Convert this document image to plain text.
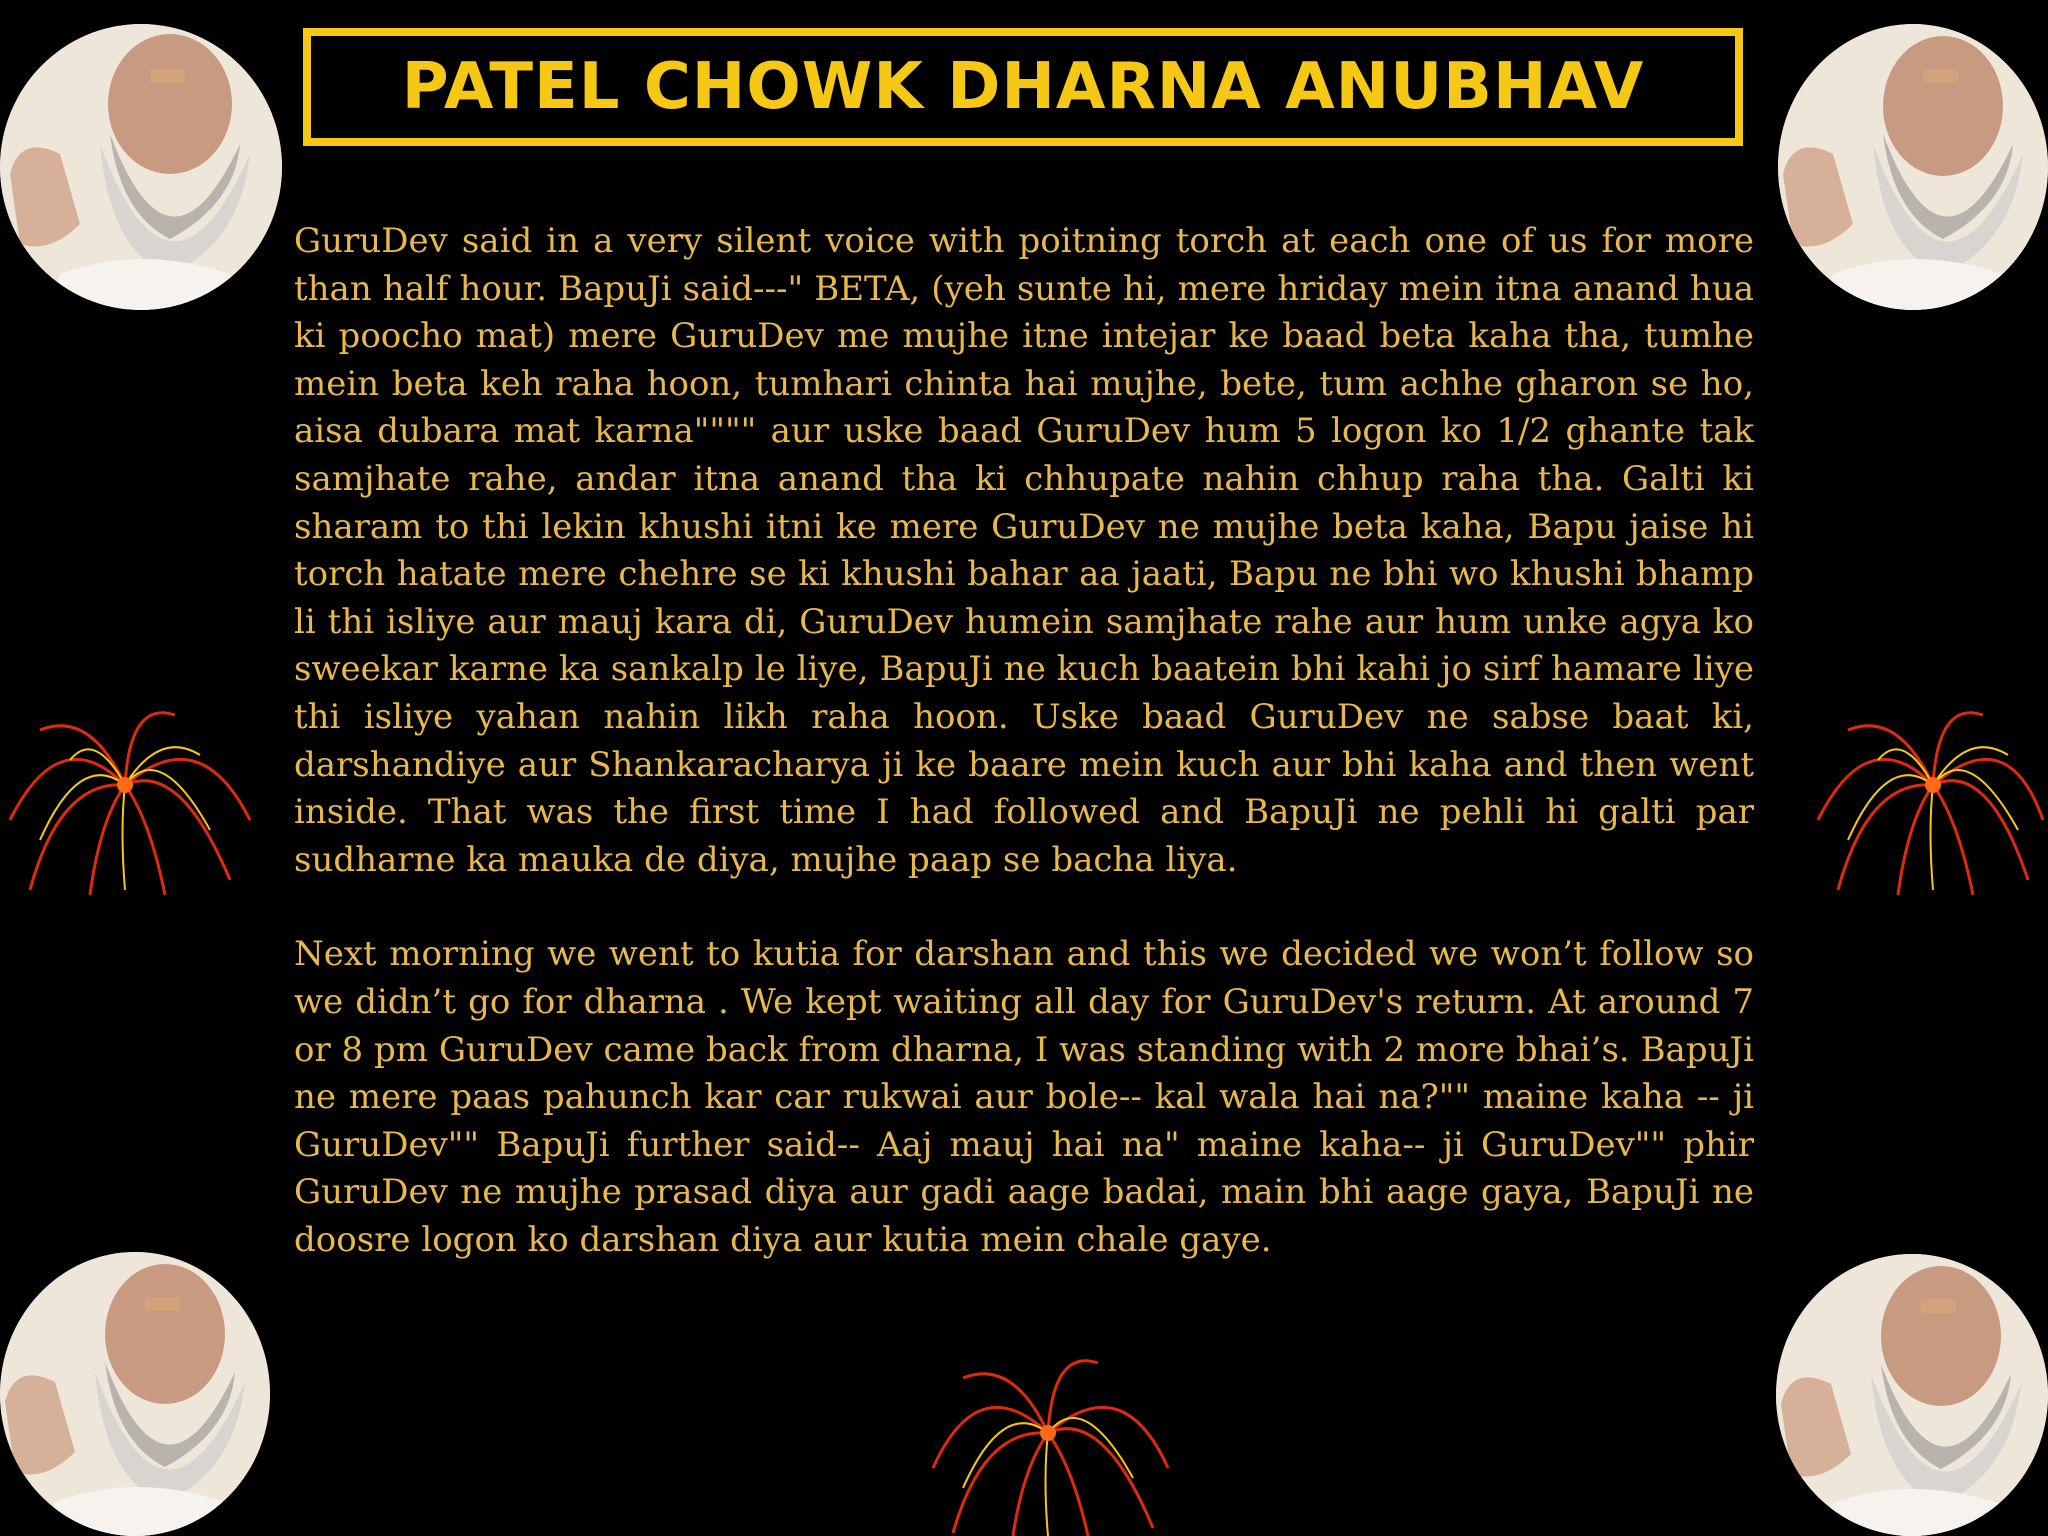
PATEL CHOWK DHARNA ANUBHAV

GuruDev said in a very silent voice with poitning torch at each one of us for more than half hour. BapuJi said---" BETA, (yeh sunte hi, mere hriday mein itna anand hua ki poocho mat) mere GuruDev me mujhe itne intejar ke baad beta kaha tha, tumhe mein beta keh raha hoon, tumhari chinta hai mujhe, bete, tum achhe gharon se ho, aisa dubara mat karna"""" aur uske baad GuruDev hum 5 logon ko 1/2 ghante tak samjhate rahe, andar itna anand tha ki chhupate nahin chhup raha tha. Galti ki sharam to thi lekin khushi itni ke mere GuruDev ne mujhe beta kaha, Bapu jaise hi torch hatate mere chehre se ki khushi bahar aa jaati, Bapu ne bhi wo khushi bhamp li thi isliye aur mauj kara di, GuruDev humein samjhate rahe aur hum unke agya ko sweekar karne ka sankalp le liye, BapuJi ne kuch baatein bhi kahi jo sirf hamare liye thi isliye yahan nahin likh raha hoon. Uske baad GuruDev ne sabse baat ki, darshandiye aur Shankaracharya ji ke baare mein kuch aur bhi kaha and then went inside. That was the first time I had followed and BapuJi ne pehli hi galti par sudharne ka mauka de diya, mujhe paap se bacha liya.

Next morning we went to kutia for darshan and this we decided we won’t follow so we didn’t go for dharna . We kept waiting all day for GuruDev's return. At around 7 or 8 pm GuruDev came back from dharna, I was standing with 2 more bhai’s. BapuJi ne mere paas pahunch kar car rukwai aur bole-- kal wala hai na?"" maine kaha -- ji GuruDev"" BapuJi further said-- Aaj mauj hai na" maine kaha-- ji GuruDev"" phir GuruDev ne mujhe prasad diya aur gadi aage badai, main bhi aage gaya, BapuJi ne doosre logon ko darshan diya aur kutia mein chale gaye.
